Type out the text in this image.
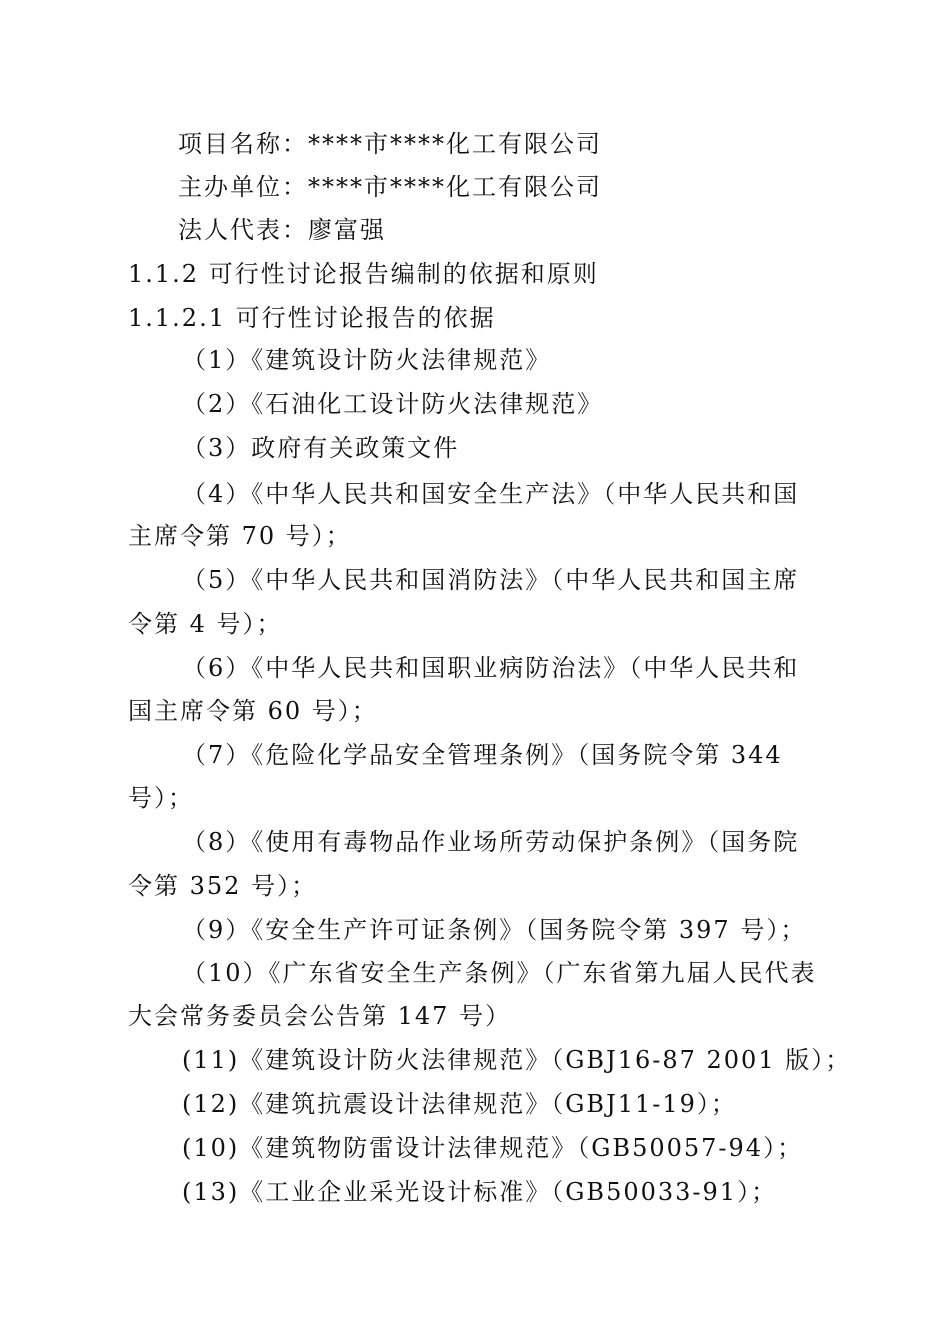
项目名称：****市****化工有限公司
主办单位：****市****化工有限公司
法人代表：廖富强
1.1.2 可行性讨论报告编制的依据和原则
1.1.2.1 可行性讨论报告的依据
（1）《建筑设计防火法律规范》
（2）《石油化工设计防火法律规范》
（3）政府有关政策文件
（4）《中华人民共和国安全生产法》（中华人民共和国
主席令第 70 号）；
（5）《中华人民共和国消防法》（中华人民共和国主席
令第 4 号）；
（6）《中华人民共和国职业病防治法》（中华人民共和
国主席令第 60 号）；
（7）《危险化学品安全管理条例》（国务院令第 344
号）；
（8）《使用有毒物品作业场所劳动保护条例》（国务院
令第 352 号）；
（9）《安全生产许可证条例》（国务院令第 397 号）；
（10）《广东省安全生产条例》（广东省第九届人民代表
大会常务委员会公告第 147 号）
(11)《建筑设计防火法律规范》（GBJ16-87 2001 版）；
(12)《建筑抗震设计法律规范》（GBJ11-19）；
(10)《建筑物防雷设计法律规范》（GB50057-94）；
(13)《工业企业采光设计标准》（GB50033-91）；
